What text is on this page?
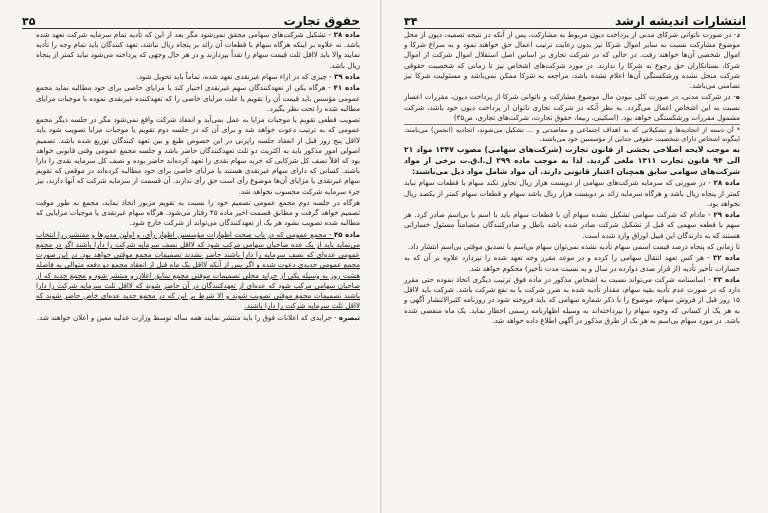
حقوق تجارت
۳۵

ماده ۳۸ - تشکیل شرکت‌های سهامی محقق نمی‌شود مگر بعد از این که تأدیه تمام سرمایه شرکت تعهد شده باشد. نه علاوه بر اینکه هرگاه سهام با قطعات آن زائد بر پنجاه ریال نباشد، تعهد کنندگان باید تمام وجه را تأدیه نمایند والا باید لااقل ثلث قیمت سهام را نقداً بپردازند و در هر حال وجهی که پرداخته می‌شود نباید کمتر از پنجاه ریال باشد.

ماده ۳۹ - چیزی که در ازاء سهام غیرنقدی تعهد شده، تماماً باید تحویل شود.

ماده ۴۱ - هرگاه یکی از تعهدکنندگان سهم غیرنقدی اختیار کند یا مزایای خاصی برای خود مطالبه نماید مجمع عمومی مؤسس باید قیمت آن را تقویم یا علت مزایای خاصی را که تعهدکننده غیرنقدی نموده با موجبات مزایای مطالبه شده را تحت نظر بگیرد.

تصویب قطعی تقویم یا موجبات مزایا به عمل نمی‌آید و انعقاد شرکت واقع نمی‌شود مگر در جلسه دیگر مجمع عمومی که به ترتیب دعوت خواهد شد و برای آن که در جلسه دوم تقویم یا موجبات مزایا تصویب شود باید لااقل پنج روز قبل از انعقاد جلسه راپرتی در این خصوص طبع و بین تعهد کنندگان توزیع شده باشد. تصمیم اصولی امور مذکور باید به اکثریت دو ثلث تعهدکنندگان حاضر باشد و جلسه مجمع عمومی وقتی قانونی خواهد بود که اقلاً نصف کل شرکایی که خرید سهام نقدی را تعهد کرده‌اند حاضر بوده و نصف کل سرمایه نقدی را دارا باشند. کسانی که دارای سهام غیرنقدی هستند یا مزایای خاصی برای خود مطالبه کرده‌اند در موقعی که تقویم سهام غیرنقدی یا مزایای آن‌ها موضوع رأی است حق رأی ندارند. آن قسمت از سرمایه شرکت که آنها دارند، نیز جزء سرمایه شرکت محسوب نخواهد شد.

هرگاه در جلسه دوم مجمع عمومی تصمیم خود را نسبت به تقویم مزبور اتخاذ نماید، مجمع به طور موقت تصمیم خواهد گرفت و مطابق قسمت اخیر ماده ۴۵ رفتار می‌شود. هرگاه سهام غیرنقدی یا موجبات مزایایی که مطالبه شده تصویب نشود هر یک از تعهدکنندگان می‌تواند از شرکت خارج شود.

ماده ۴۵ - مجمع عمومی که در باب صحت اظهارات مؤسسین اظهار رأی، و اولین مدیرها و مفتشین را انتخاب می‌نماید باید از یک عده صاحبان سهامی مرکب شود که لااقل نصف سرمایه شرکت را دارا باشند اگر در مجمع عمومی عده‌ای که نصف سرمایه را دارا باشند حاضر نشدند تصمیمات مجمع موقتی خواهد بود. در این صورت مجمع عمومی جدیدی دعوت شده و اگر پس از آنکه لااقل یک ماه قبل از انعقاد مجمع دو دفعه متوالی به فاصله هشت روز به وسیله یکی از جراید محلی تصمیمات موقتی مجمع سابق اعلان و منتشر شود و مجمع جدید که از صاحبان سهامی مرکب شود که عده‌ای از تعهدکنندگان در آن حاضر شوند که لااقل ثلث سرمایه شرکت را دارا باشند تصمیمات مجمع موقتی تصویب شوند و الا شرط بر این که در مجمع جدید عده‌ای خاص حاضر شوند که لااقل ثلث سرمایه شرکت را دارا باشند.

تبصره - جرایدی که اعلانات فوق را باید منتشر نمایند همه ساله توسط وزارت عدلیه معین و اعلان خواهند شد.

انتشارات اندیشه ارشد
۳۴

د- در صورت ناتوانی شرکای مدنی از پرداخت دیون مربوط به مشارکت، پس از آنکه در نتیجه تصفیه، دیون از محل موضوع مشارکت نسبت به سایر اموال شرکا نیز بدون رعایت ترتیب اعمال حق خواهند نمود و به سراغ شرکا و اموال شخصی آن‌ها خواهند رفت. در حالی که در شرکت تجاری بر اساس اصل استقلال اموال شرکت از اموال شرکا، بستانکاران حق رجوع به شرکا را ندارند. در مورد شرکت‌های اشخاص نیز تا زمانی که شخصیت حقوقی شرکت منحل نشده ورشکستگی آن‌ها اعلام نشده باشد، مراجعه به شرکا ممکن نمی‌باشد و مسئولیت شرکا نیز تضامنی می‌باشد.

ه- در شرکت مدنی، در صورت کلی نبودن مال موضوع مشارکت و ناتوانی شرکا از پرداخت دیون، مقررات اعسار نسبت به این اشخاص اعمال می‌گردد. به نظر آنکه در شرکت تجاری ناتوان از پرداخت دیون خود باشد، شرکت مشمول مقررات ورشکستگی خواهد بود. (اسکینی، ربیعا، حقوق تجارت، شرکت‌های تجاری، ص۴۵)

* آن دسته از اتحادیه‌ها و تشکیلاتی که به اهداف اجتماعی و معاضدتی و ... تشکیل می‌شوند، اتحادیه (انجمن) می‌نامند، اینگونه اشخاص دارای شخصیت حقوقی جدایی از مؤسسین خود می‌باشند.

به موجب لایحه اصلاحی بخشی از قانون تجارت (شرکت‌های سهامی) مصوب ۱۳۴۷ مواد ۲۱ الی ۹۴ قانون تجارت ۱۳۱۱ ملغی گردید. لذا به موجب ماده ۲۹۹ ل.ا.ق.ت برخی از مواد شرکت‌های سهامی سابق همچنان اعتبار قانونی دارند. آن مواد شامل مواد ذیل می‌باشند:

ماده ۲۸ - در صورتی که سرمایه شرکت‌های سهامی از دویست هزار ریال تجاوز نکند سهام یا قطعات سهام نباید کمتر از پنجاه ریال باشد و هرگاه سرمایه زائد بر دویست هزار ریال باشد سهام و قطعات سهام کمتر از یکصد ریال نخواهد بود.

ماده ۲۹ - مادام که شرکت سهامی تشکیل نشده سهام آن با قطعات سهام باید با اسم یا بی‌اسم صادر کرد. هر سهم یا قطعه سهمی که قبل از تشکیل شرکت صادر شده باشد باطل و صادرکنندگان متضامناً مسئول خساراتی هستند که به دارندگان این قبیل اوراق وارد شده است.

تا زمانی که پنجاه درصد قیمت اسمی سهام تأدیه نشده نمی‌توان سهام بی‌اسم یا تصدیق موقتی بی‌اسم انتشار داد.

ماده ۳۲ - هر کس تعهد انتقال سهامی را کرده و در موعد مقرر وجه تعهد شده را نپردازد علاوه بر آن که به خسارات تأخیر تأدیه (از قرار صدی دوازده در سال و به نسبت مدت تأخیر) محکوم خواهد شد.

ماده ۳۳ - اساسنامه شرکت می‌تواند نسبت به اشخاص مذکور در ماده فوق ترتیب دیگری اتخاذ نموده حتی مقرر دارد که در صورت عدم تأدیه بقیه سهام، مقدار تأدیه شده به ضرر شرکت یا به نفع شرکت باشد. شرکت باید لااقل ۱۵ روز قبل از فروش سهام، موضوع را با ذکر شماره سهامی که باید فروخته شود در روزنامه کثیرالانتشار آگهی و به هر یک از کسانی که وجوه سهام را نپرداخته‌اند به وسیله اظهارنامه رسمی اخطار نماید. یک ماه منقضی شده باشد. در مورد سهام بی‌اسم به هر یک از طرق مذکور در آگهی اطلاع داده خواهد شد.
